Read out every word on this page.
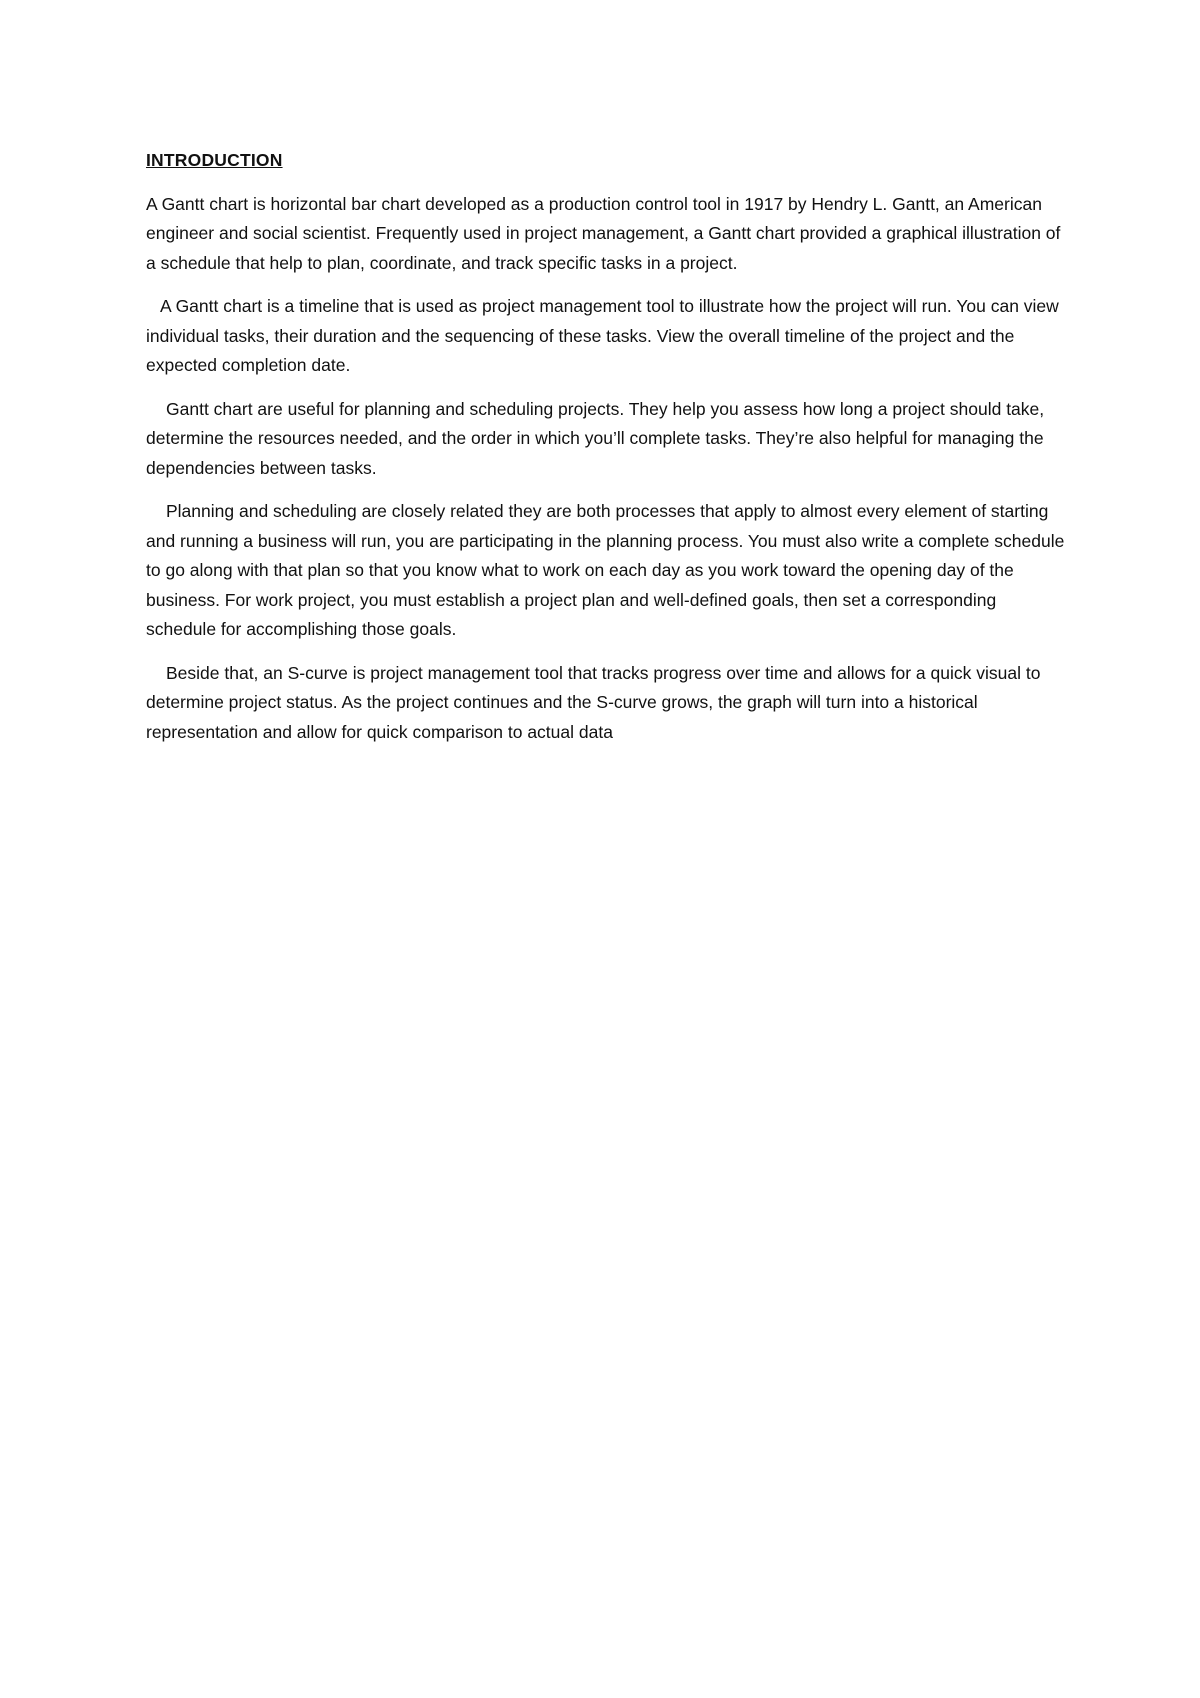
INTRODUCTION

A Gantt chart is horizontal bar chart developed as a production control tool in 1917 by Hendry L. Gantt, an American engineer and social scientist. Frequently used in project management, a Gantt chart provided a graphical illustration of a schedule that help to plan, coordinate, and track specific tasks in a project.

A Gantt chart is a timeline that is used as project management tool to illustrate how the project will run. You can view individual tasks, their duration and the sequencing of these tasks. View the overall timeline of the project and the expected completion date.

Gantt chart are useful for planning and scheduling projects. They help you assess how long a project should take, determine the resources needed, and the order in which you’ll complete tasks. They’re also helpful for managing the dependencies between tasks.

Planning and scheduling are closely related they are both processes that apply to almost every element of starting and running a business will run, you are participating in the planning process. You must also write a complete schedule to go along with that plan so that you know what to work on each day as you work toward the opening day of the business. For work project, you must establish a project plan and well-defined goals, then set a corresponding schedule for accomplishing those goals.

Beside that, an S-curve is project management tool that tracks progress over time and allows for a quick visual to determine project status. As the project continues and the S-curve grows, the graph will turn into a historical representation and allow for quick comparison to actual data
